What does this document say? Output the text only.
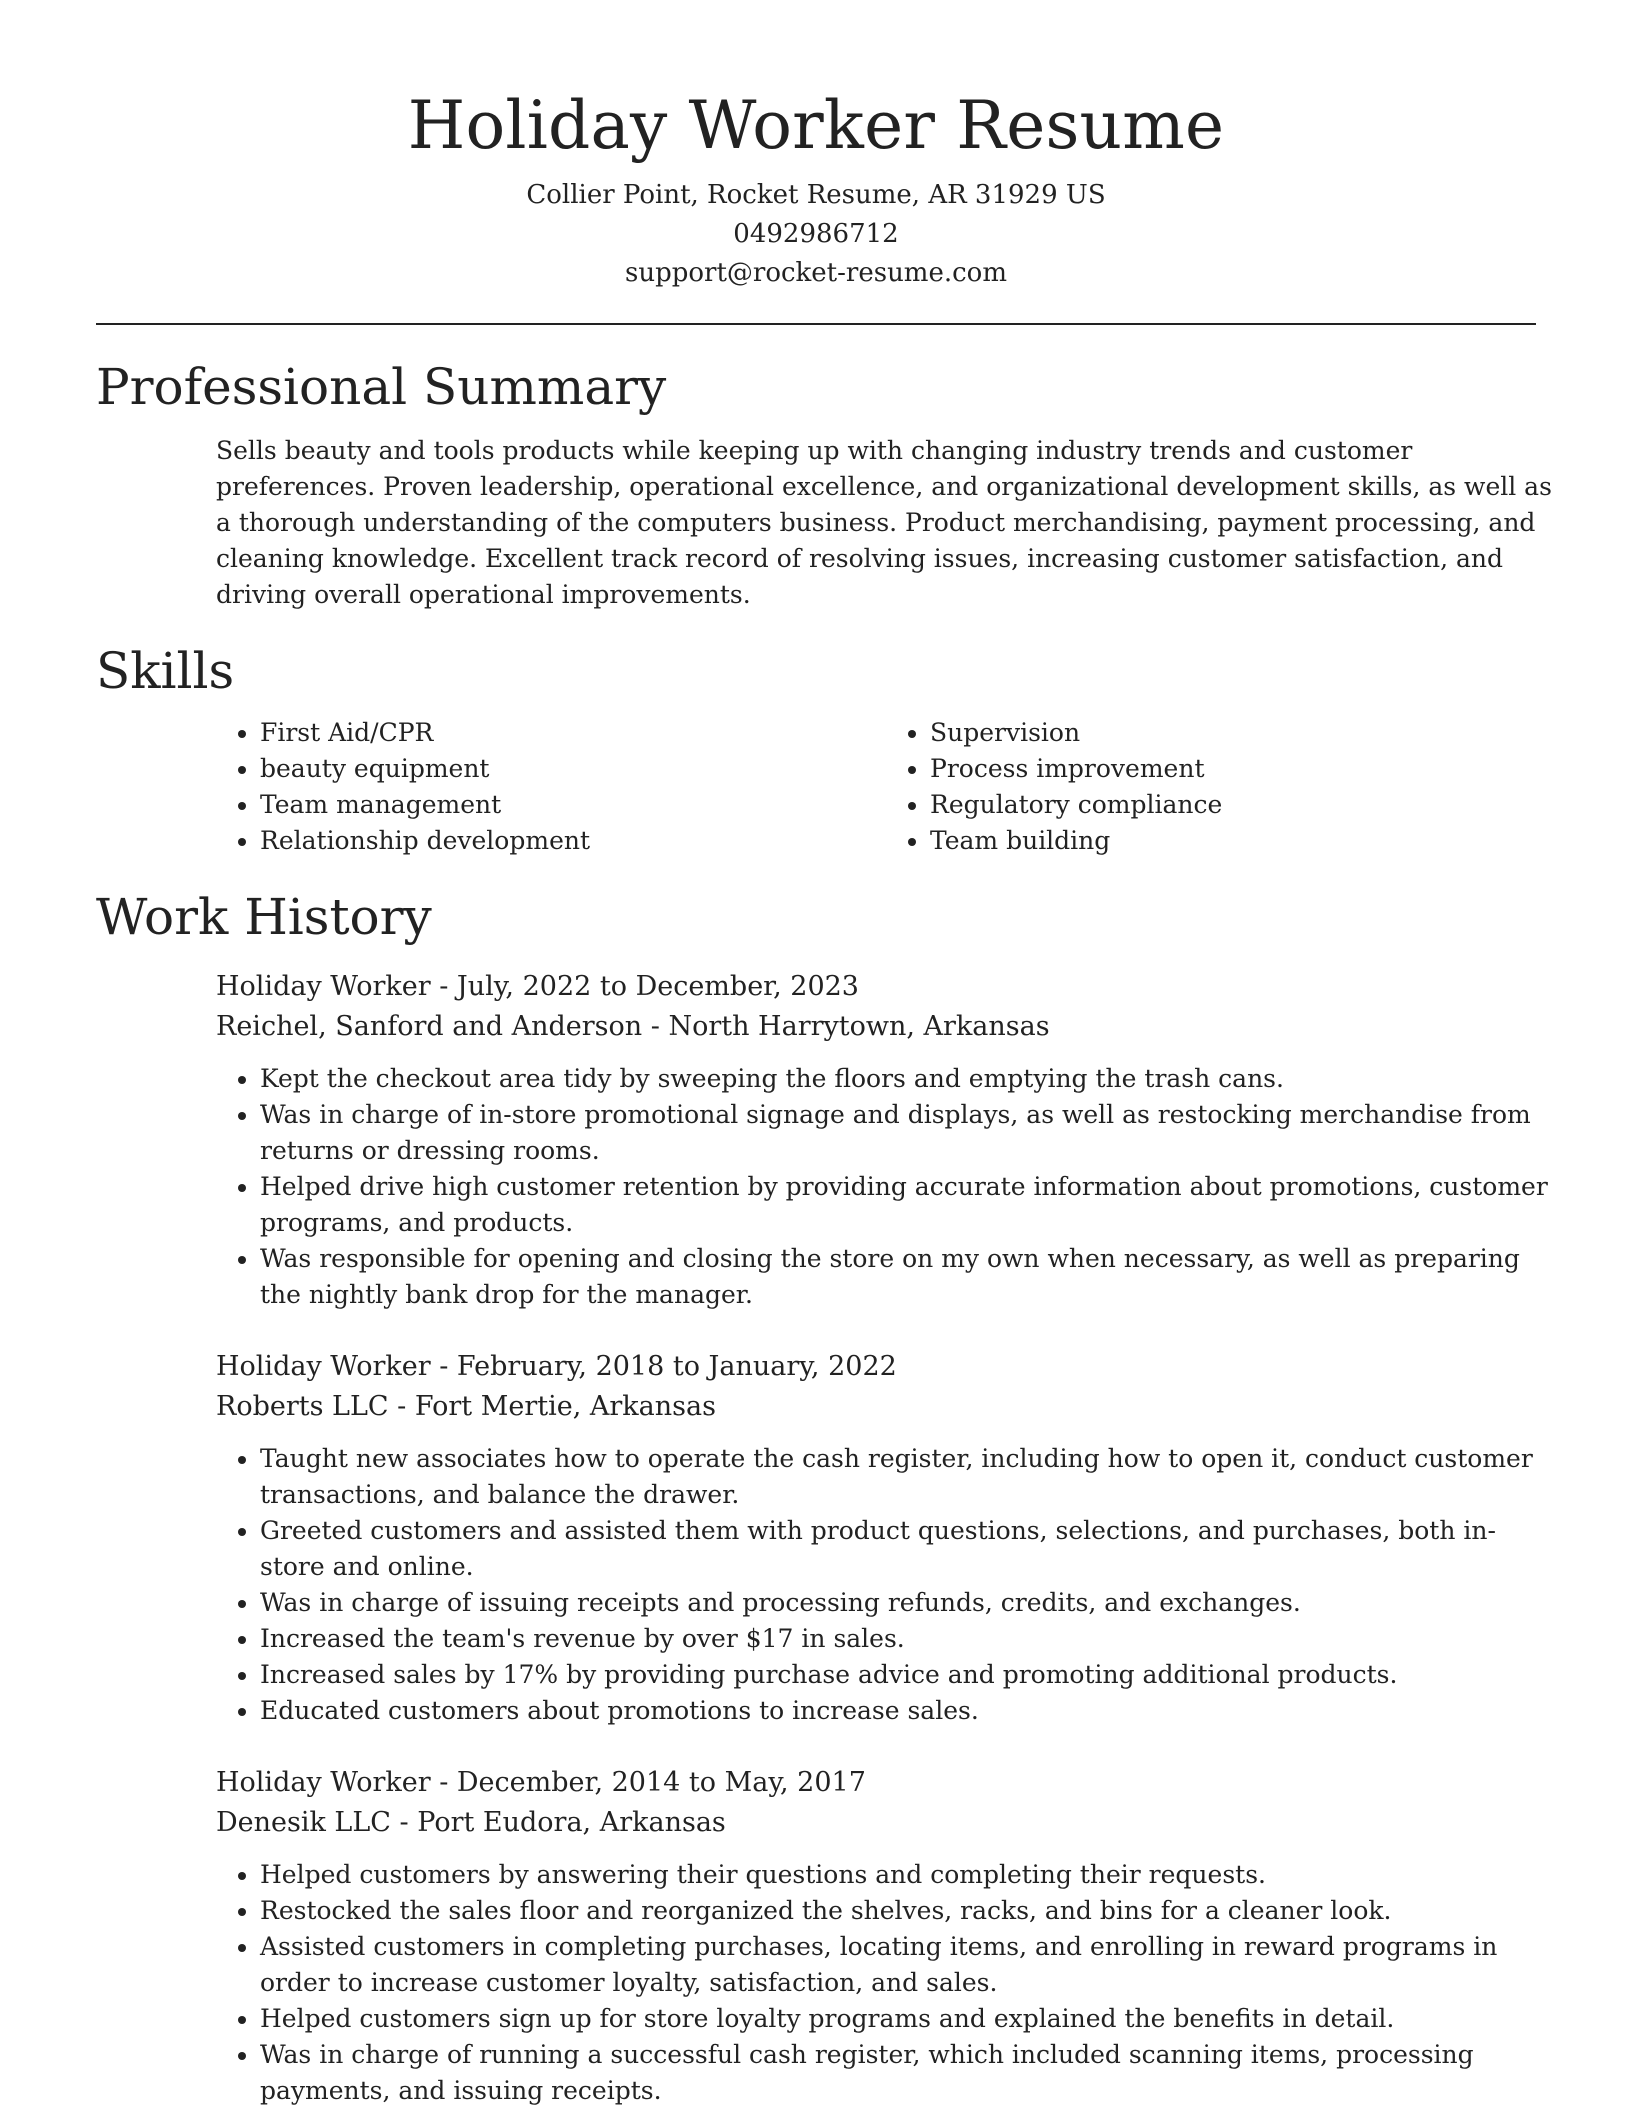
Holiday Worker Resume

Collier Point, Rocket Resume, AR 31929 US

0492986712

support@rocket-resume.com

Professional Summary

Sells beauty and tools products while keeping up with changing industry trends and customer preferences. Proven leadership, operational excellence, and organizational development skills, as well as a thorough understanding of the computers business. Product merchandising, payment processing, and cleaning knowledge. Excellent track record of resolving issues, increasing customer satisfaction, and driving overall operational improvements.

Skills
• First Aid/CPR
• beauty equipment
• Team management
• Relationship development
• Supervision
• Process improvement
• Regulatory compliance
• Team building
Work History

Holiday Worker - July, 2022 to December, 2023

Reichel, Sanford and Anderson - North Harrytown, Arkansas

• Kept the checkout area tidy by sweeping the floors and emptying the trash cans.
• Was in charge of in-store promotional signage and displays, as well as restocking merchandise from returns or dressing rooms.
• Helped drive high customer retention by providing accurate information about promotions, customer programs, and products.
• Was responsible for opening and closing the store on my own when necessary, as well as preparing the nightly bank drop for the manager.

Holiday Worker - February, 2018 to January, 2022

Roberts LLC - Fort Mertie, Arkansas

• Taught new associates how to operate the cash register, including how to open it, conduct customer transactions, and balance the drawer.
• Greeted customers and assisted them with product questions, selections, and purchases, both in-store and online.
• Was in charge of issuing receipts and processing refunds, credits, and exchanges.
• Increased the team's revenue by over $17 in sales.
• Increased sales by 17% by providing purchase advice and promoting additional products.
• Educated customers about promotions to increase sales.

Holiday Worker - December, 2014 to May, 2017

Denesik LLC - Port Eudora, Arkansas

• Helped customers by answering their questions and completing their requests.
• Restocked the sales floor and reorganized the shelves, racks, and bins for a cleaner look.
• Assisted customers in completing purchases, locating items, and enrolling in reward programs in order to increase customer loyalty, satisfaction, and sales.
• Helped customers sign up for store loyalty programs and explained the benefits in detail.
• Was in charge of running a successful cash register, which included scanning items, processing payments, and issuing receipts.
